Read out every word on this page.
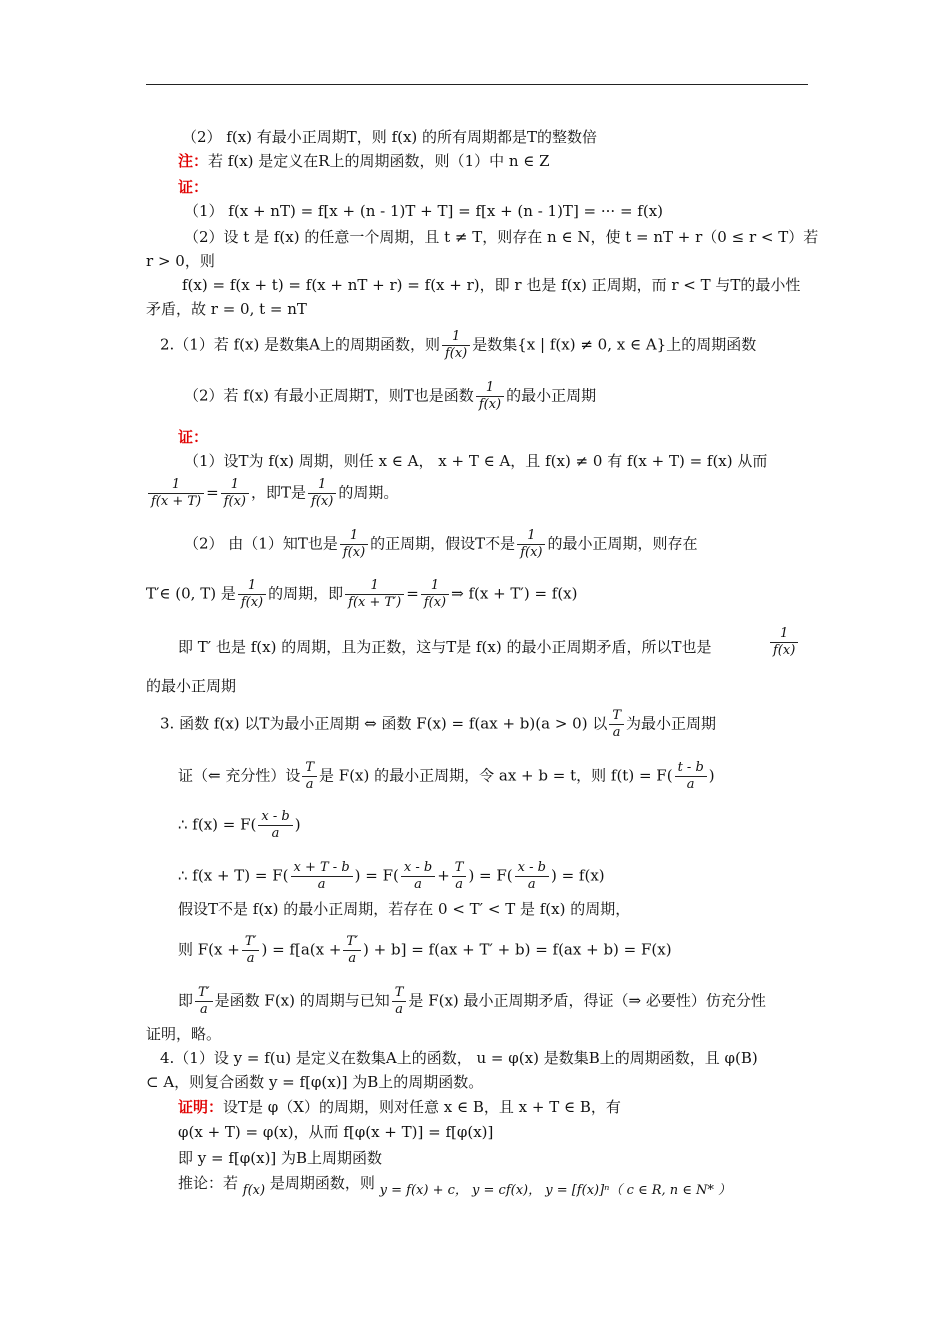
（2） f(x) 有最小正周期T，则 f(x) 的所有周期都是T的整数倍
注：若 f(x) 是定义在R上的周期函数，则（1）中 n ∈ Z
证：
（1） f(x + nT) = f[x + (n - 1)T + T] = f[x + (n - 1)T] = ··· = f(x)
（2）设 t 是 f(x) 的任意一个周期，且 t ≠ T，则存在 n ∈ N，使 t = nT + r（0 ≤ r < T）若
r > 0，则
f(x) = f(x + t) = f(x + nT + r) = f(x + r)，即 r 也是 f(x) 正周期，而 r < T 与T的最小性
矛盾，故 r = 0, t = nT
2.（1）若 f(x) 是数集A上的周期函数，则 $\frac{1}{f(x)}$ 是数集{x | f(x) ≠ 0, x ∈ A}上的周期函数
（2）若 f(x) 有最小正周期T，则T也是函数 $\frac{1}{f(x)}$ 的最小正周期
证：
（1）设T为 f(x) 周期，则任 x ∈ A， x + T ∈ A，且 f(x) ≠ 0 有 f(x + T) = f(x) 从而
$\frac{1}{f(x + T)} = \frac{1}{f(x)}$ ，即T是 $\frac{1}{f(x)}$ 的周期。
（2） 由（1）知T也是 $\frac{1}{f(x)}$ 的正周期，假设T不是 $\frac{1}{f(x)}$ 的最小正周期，则存在
T′∈ (0, T) 是 $\frac{1}{f(x)}$ 的周期，即 $\frac{1}{f(x + T')} = \frac{1}{f(x)}$ ⇒ f(x + T′) = f(x)
即 T′ 也是 f(x) 的周期，且为正数，这与T是 f(x) 的最小正周期矛盾，所以T也是	$\frac{1}{f(x)}$
的最小正周期
3. 函数 f(x) 以T为最小正周期 ⇔ 函数 F(x) = f(ax + b)(a > 0) 以 $\frac{T}{a}$ 为最小正周期
证（⇐ 充分性）设 $\frac{T}{a}$ 是 F(x) 的最小正周期，令 ax + b = t，则 $f(t) = F( \frac{t - b}{a}$ )
∴ $f(x) = F( \frac{x - b}{a}$ )
∴ $f(x + T) = F( \frac{x + T - b}{a}$ ) = $F( \frac{x - b}{a} + \frac{T}{a}$ ) = $F( \frac{x - b}{a}$ ) = f(x)
假设T不是 f(x) 的最小正周期，若存在 0 < T′ < T 是 f(x) 的周期，
则 $F(x + \frac{T'}{a}$ ) = $f[a(x + \frac{T'}{a}$ ) + b] = f(ax + T′ + b) = f(ax + b) = F(x)
即 $\frac{T'}{a}$ 是函数 F(x) 的周期与已知 $\frac{T}{a}$ 是 F(x) 最小正周期矛盾，得证（⇒ 必要性）仿充分性
证明，略。
4.（1）设 y = f(u) 是定义在数集A上的函数， u = φ(x) 是数集B上的周期函数，且 φ(B)
⊂ A，则复合函数 y = f[φ(x)] 为B上的周期函数。
证明：设T是 φ（X）的周期，则对任意 x ∈ B，且 x + T ∈ B，有
φ(x + T) = φ(x)，从而 f[φ(x + T)] = f[φ(x)]
即 y = f[φ(x)] 为B上周期函数
推论：若 f(x) 是周期函数，则 y = f(x) + c， y = cf(x)， y = [f(x)]ⁿ（ c ∈ R, n ∈ N* ）
